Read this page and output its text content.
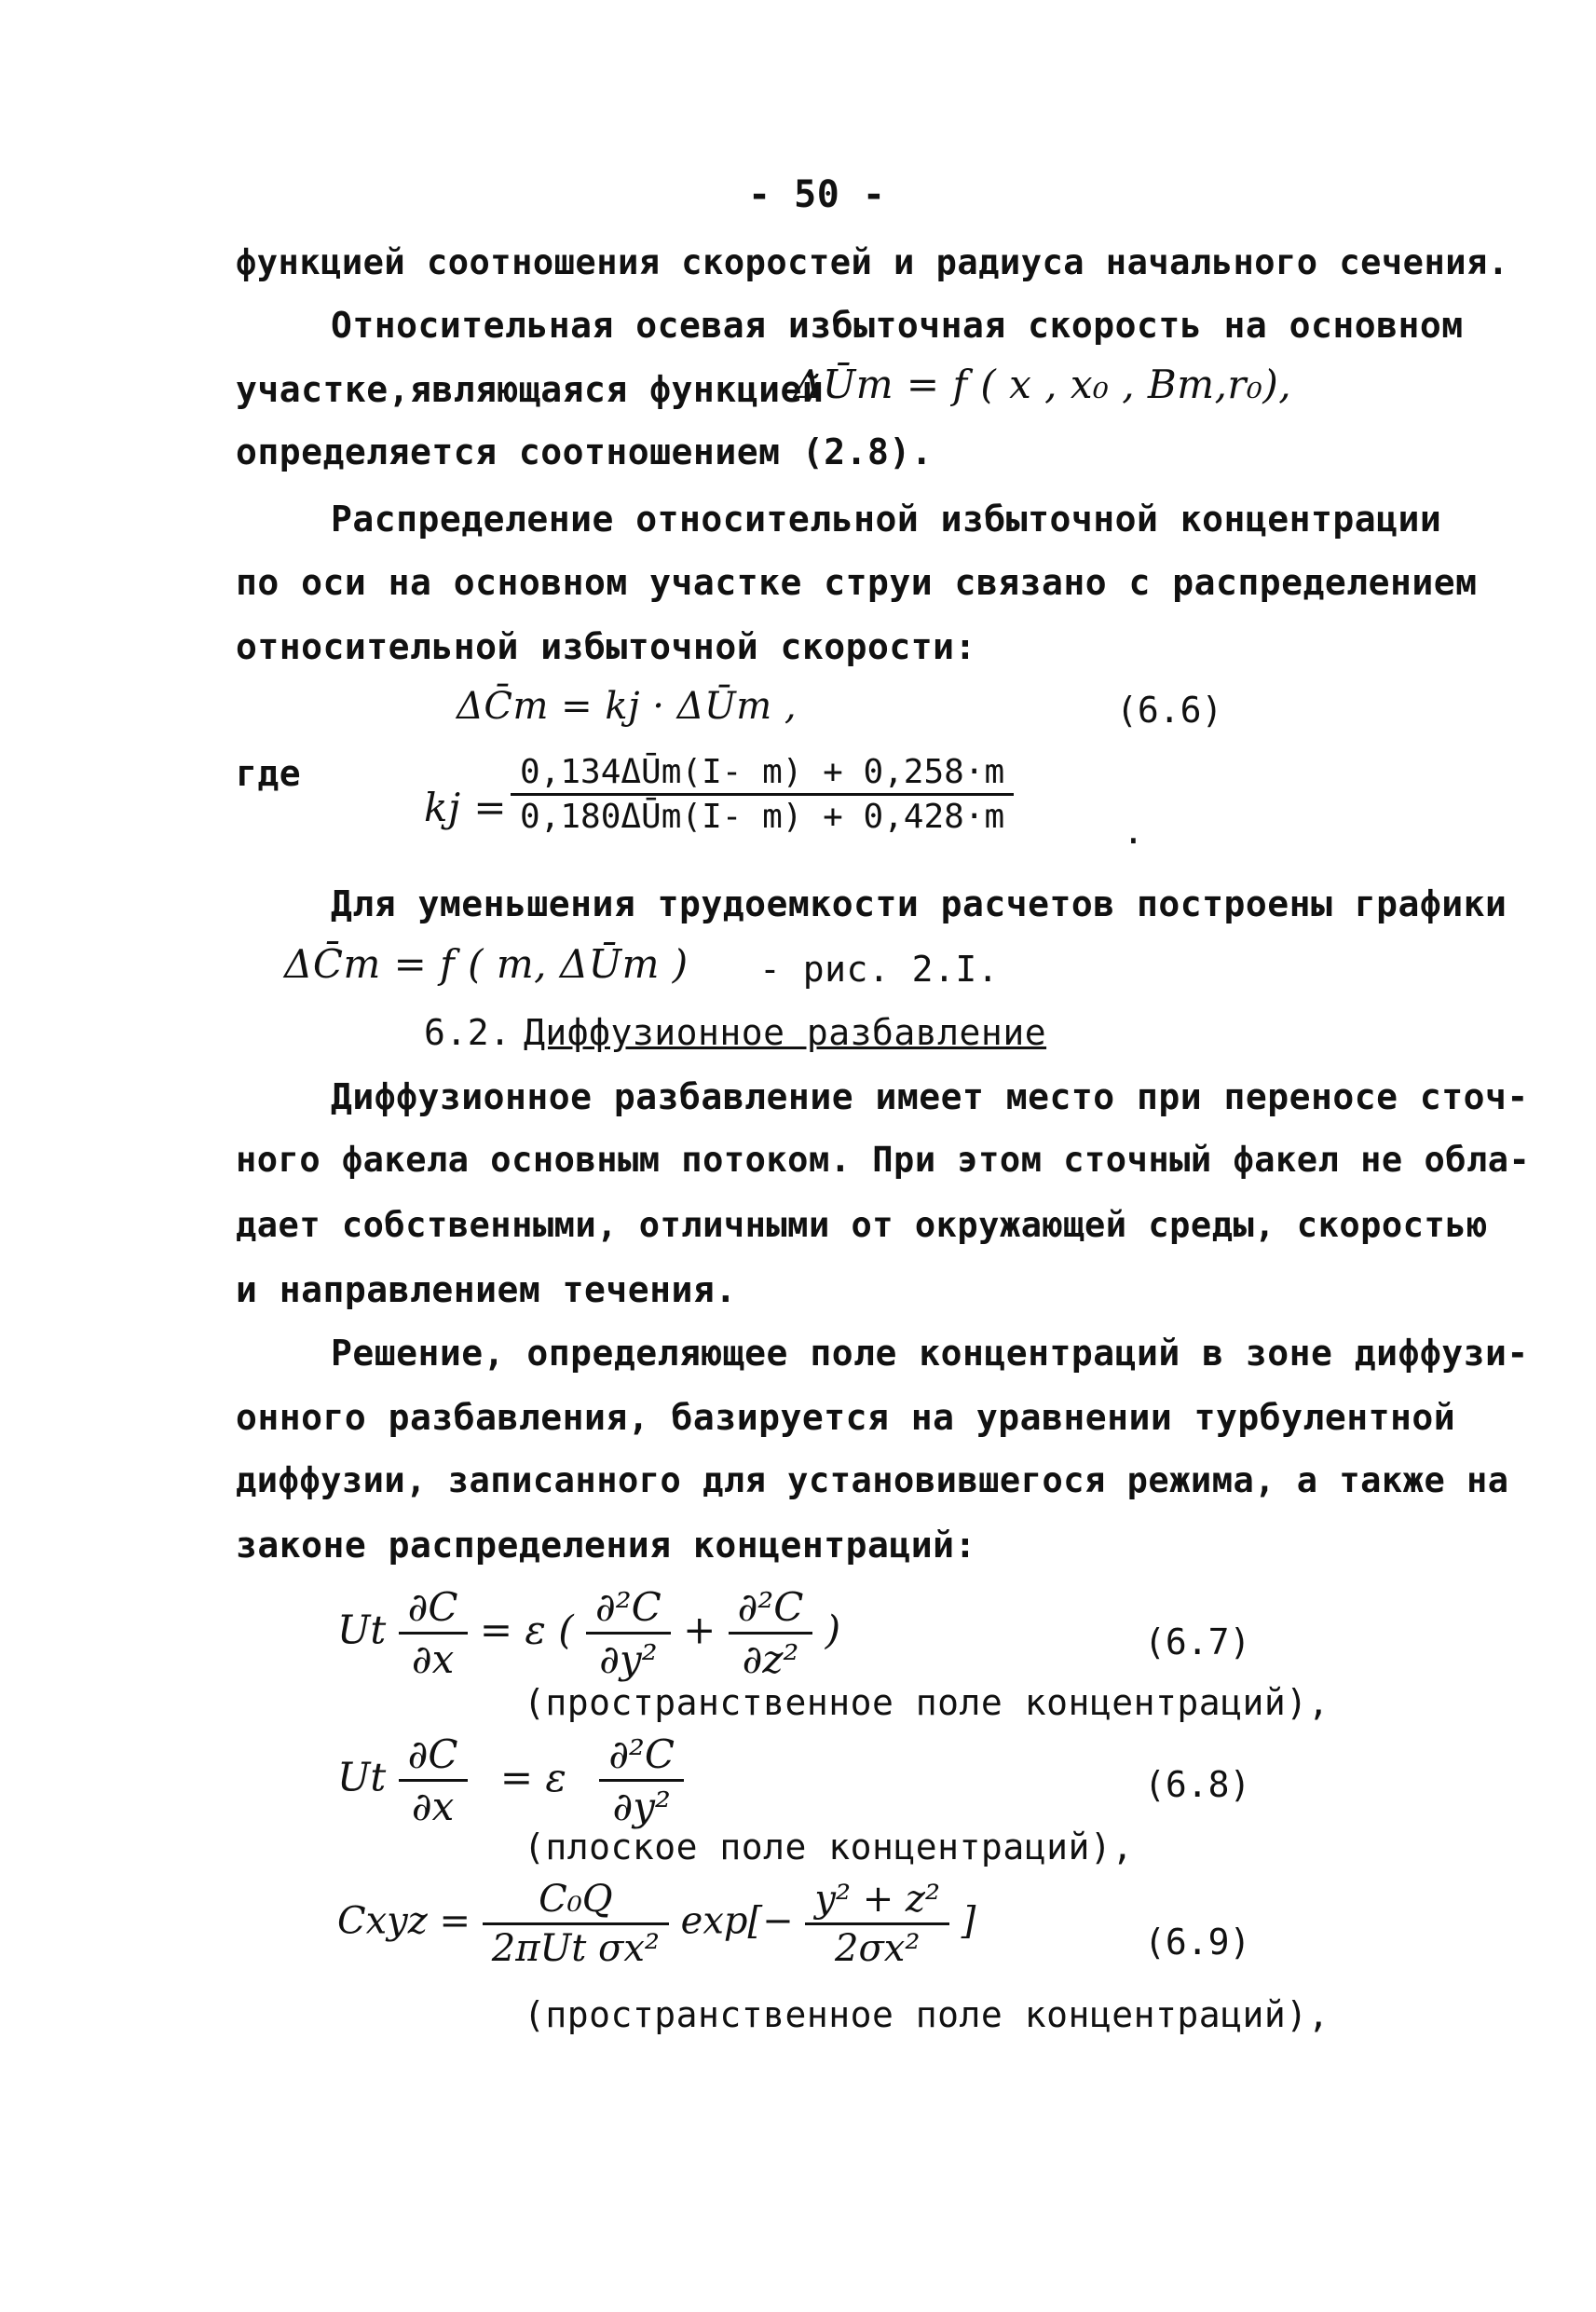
- 50 -
функцией соотношения скоростей и радиуса начального сечения.
Относительная осевая избыточная скорость на основном
участке,являющаяся функцией
ΔŪm = f ( x , x₀ , Bm,r₀),
определяется соотношением (2.8).
Распределение относительной избыточной концентрации
по оси на основном участке струи связано с распределением
относительной избыточной скорости:
ΔC̄m = kj · ΔŪm ,	(6.6)
где
kj =
0,134ΔŪm(I- m) + 0,258·m
0,180ΔŪm(I- m) + 0,428·m	.
Для уменьшения трудоемкости расчетов построены графики
ΔC̄m = f ( m, ΔŪm ) - рис. 2.I.
6.2. Диффузионное разбавление
Диффузионное разбавление имеет место при переносе сточ-
ного факела основным потоком. При этом сточный факел не обла-
дает собственными, отличными от окружающей среды, скоростью
и направлением течения.
Решение, определяющее поле концентраций в зоне диффузи-
онного разбавления, базируется на уравнении турбулентной
диффузии, записанного для установившегося режима, а также на
законе распределения концентраций:
Ut $\frac{\partial C}{\partial x} = \varepsilon$ ( $\frac{\text{∂²C}}{\text{∂y²}} + \frac{\text{∂²C}}{\text{∂z²}}$ )	(6.7)
(пространственное поле концентраций),
Ut $\frac{\partial C}{\partial x} = \varepsilon \frac{\text{∂²C}}{\text{∂y²}}$	(6.8)
(плоское поле концентраций),
Cxyz = $\frac{\text{C₀Q}}{\text{2πUt σx²}} \exp[- \frac{\text{y² + z²}}{\text{2σx²}}$ ]	(6.9)
(пространственное поле концентраций),
